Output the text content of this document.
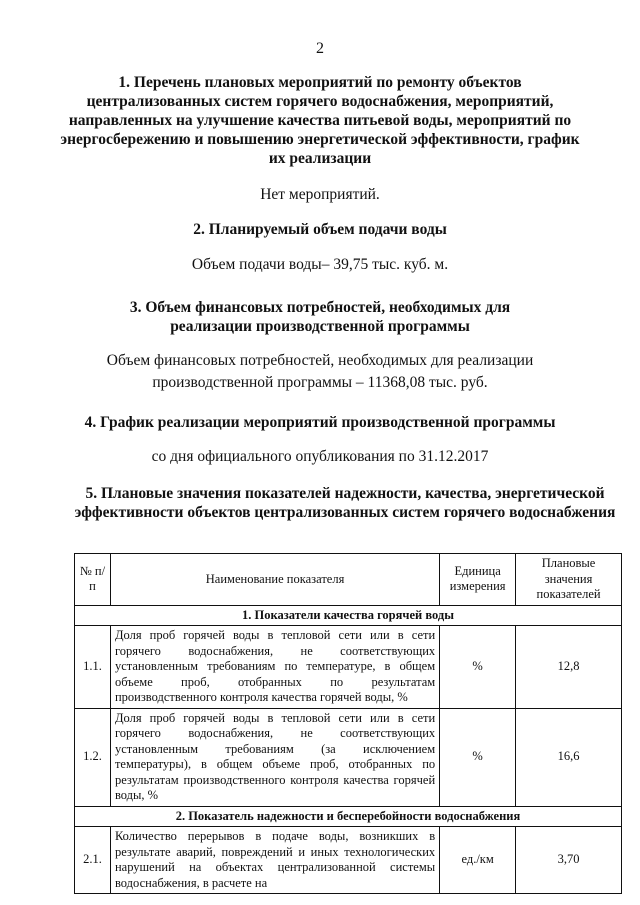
2

1. Перечень плановых мероприятий по ремонту объектов централизованных систем горячего водоснабжения, мероприятий, направленных на улучшение качества питьевой воды, мероприятий по энергосбережению и повышению энергетической эффективности, график их реализации

Нет мероприятий.

2. Планируемый объем подачи воды

Объем подачи воды– 39,75 тыс. куб. м.

3. Объем финансовых потребностей, необходимых для реализации производственной программы

Объем финансовых потребностей, необходимых для реализации производственной программы – 11368,08 тыс. руб.

4. График реализации мероприятий производственной программы

со дня официального опубликования по 31.12.2017

5. Плановые значения показателей надежности, качества, энергетической эффективности объектов централизованных систем горячего водоснабжения

№ п/п	Наименование показателя	Единица измерения	Плановые значения показателей
1. Показатели качества горячей воды			
1.1.	Доля проб горячей воды в тепловой сети или в сети горячего водоснабжения, не соответствующих установленным требованиям по температуре, в общем объеме проб, отобранных по результатам производственного контроля качества горячей воды, %	%	12,8
1.2.	Доля проб горячей воды в тепловой сети или в сети горячего водоснабжения, не соответствующих установленным требованиям (за исключением температуры), в общем объеме проб, отобранных по результатам производственного контроля качества горячей воды, %	%	16,6
2. Показатель надежности и бесперебойности водоснабжения			
2.1.	Количество перерывов в подаче воды, возникших в результате аварий, повреждений и иных технологических нарушений на объектах централизованной системы водоснабжения, в расчете на	ед./км	3,70
